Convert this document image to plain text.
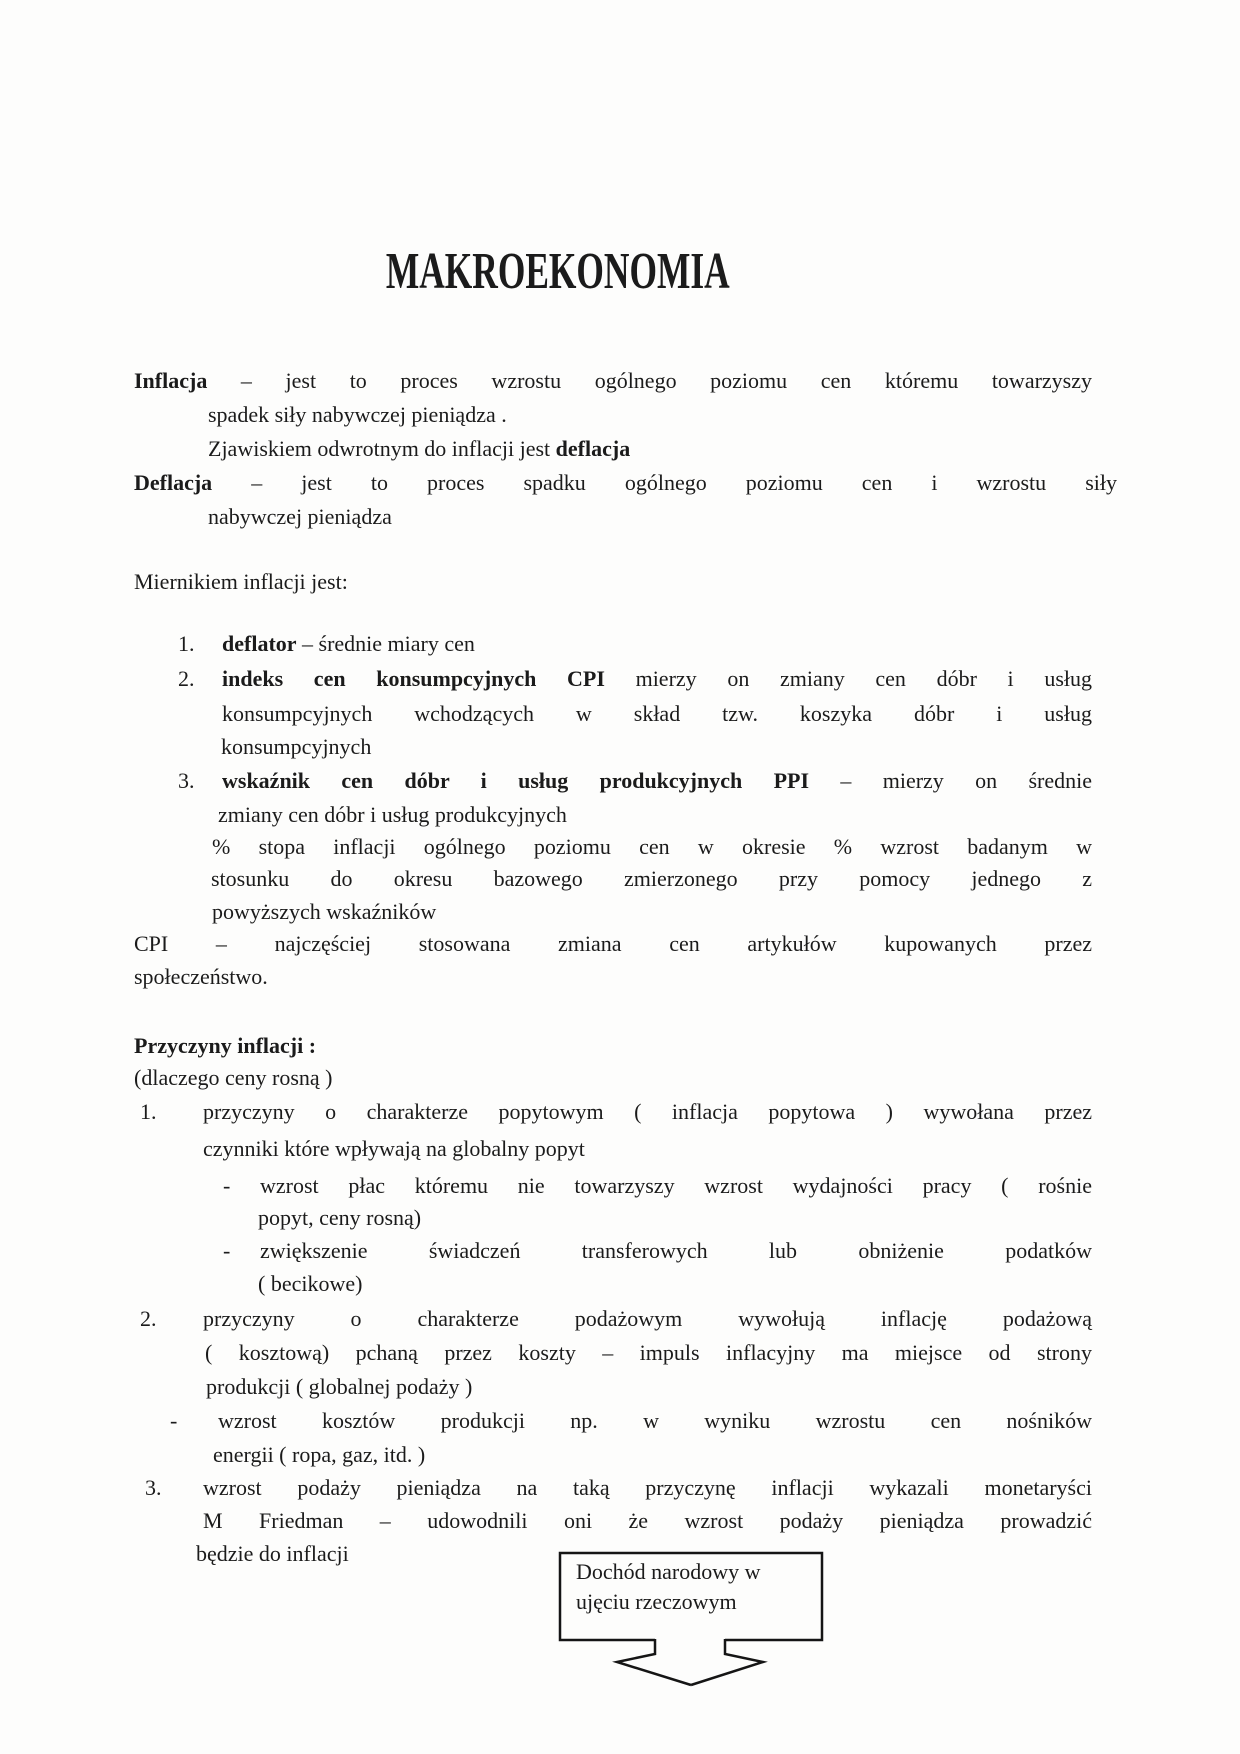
MAKROEKONOMIA
Inflacja – jest to proces wzrostu ogólnego poziomu cen któremu towarzyszy
spadek siły nabywczej pieniądza .
Zjawiskiem odwrotnym do inflacji jest deflacja
Deflacja – jest to proces spadku ogólnego poziomu cen i wzrostu siły
nabywczej pieniądza
Miernikiem inflacji jest:
1. deflator – średnie miary cen
2. indeks cen konsumpcyjnych CPI mierzy on zmiany cen dóbr i usług
konsumpcyjnych wchodzących w skład tzw. koszyka dóbr i usług
konsumpcyjnych
3. wskaźnik cen dóbr i usług produkcyjnych PPI – mierzy on średnie
zmiany cen dóbr i usług produkcyjnych
% stopa inflacji ogólnego poziomu cen w okresie % wzrost badanym w
stosunku do okresu bazowego zmierzonego przy pomocy jednego z
powyższych wskaźników
CPI – najczęściej stosowana zmiana cen artykułów kupowanych przez
społeczeństwo.
Przyczyny inflacji :
(dlaczego ceny rosną )
1. przyczyny o charakterze popytowym ( inflacja popytowa ) wywołana przez
czynniki które wpływają na globalny popyt
- wzrost płac któremu nie towarzyszy wzrost wydajności pracy ( rośnie
popyt, ceny rosną)
- zwiększenie świadczeń transferowych lub obniżenie podatków
( becikowe)
2. przyczyny o charakterze podażowym wywołują inflację podażową
( kosztową) pchaną przez koszty – impuls inflacyjny ma miejsce od strony
produkcji ( globalnej podaży )
- wzrost kosztów produkcji np. w wyniku wzrostu cen nośników
energii ( ropa, gaz, itd. )
3. wzrost podaży pieniądza na taką przyczynę inflacji wykazali monetaryści
M Friedman – udowodnili oni że wzrost podaży pieniądza prowadzić
będzie do inflacji
Dochód narodowy w
ujęciu rzeczowym
